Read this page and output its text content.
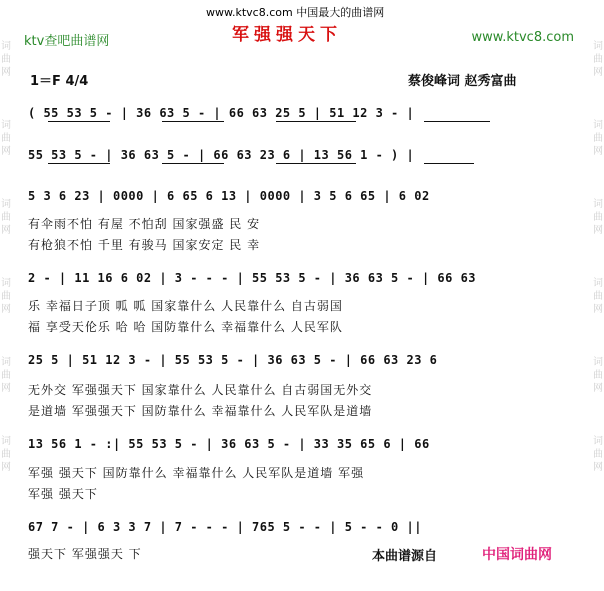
词
曲
网
词
曲
网
词
曲
网
词
曲
网
词
曲
网
词
曲
网
词
曲
网
词
曲
网
词
曲
网
词
曲
网
词
曲
网
词
曲
网
www.ktvc8.com 中国最大的曲谱网
ktv查吧曲谱网	军强强天下	www.ktvc8.com
1＝F 4/4	蔡俊峰词 赵秀富曲
( 55 53 5 - | 36 63 5 - | 66 63 25 5 | 51 12 3 - |
55 53 5 - | 36 63 5 - | 66 63 23 6 | 13 56 1 - ) |
5 3 6 23 | 0000 | 6 65 6 13 | 0000 | 3 5 6 65 | 6 02
有伞雨不怕 有屋 不怕刮 国家强盛 民 安
有枪狼不怕 千里 有骏马 国家安定 民 幸
2 - | 11 16 6 02 | 3 - - - | 55 53 5 - | 36 63 5 - | 66 63
乐 幸福日子顶 呱 呱 国家靠什么 人民靠什么 自古弱国
福 享受天伦乐 哈 哈 国防靠什么 幸福靠什么 人民军队
25 5 | 51 12 3 - | 55 53 5 - | 36 63 5 - | 66 63 23 6
无外交 军强强天下 国家靠什么 人民靠什么 自古弱国无外交
是道墙 军强强天下 国防靠什么 幸福靠什么 人民军队是道墙
13 56 1 - :| 55 53 5 - | 36 63 5 - | 33 35 65 6 | 66
军强 强天下 国防靠什么 幸福靠什么 人民军队是道墙 军强
军强 强天下
67 7 - | 6 3 3 7 | 7 - - - | 765 5 - - | 5 - - 0 ||
强天下 军强强天 下	本曲谱源自	中国词曲网
